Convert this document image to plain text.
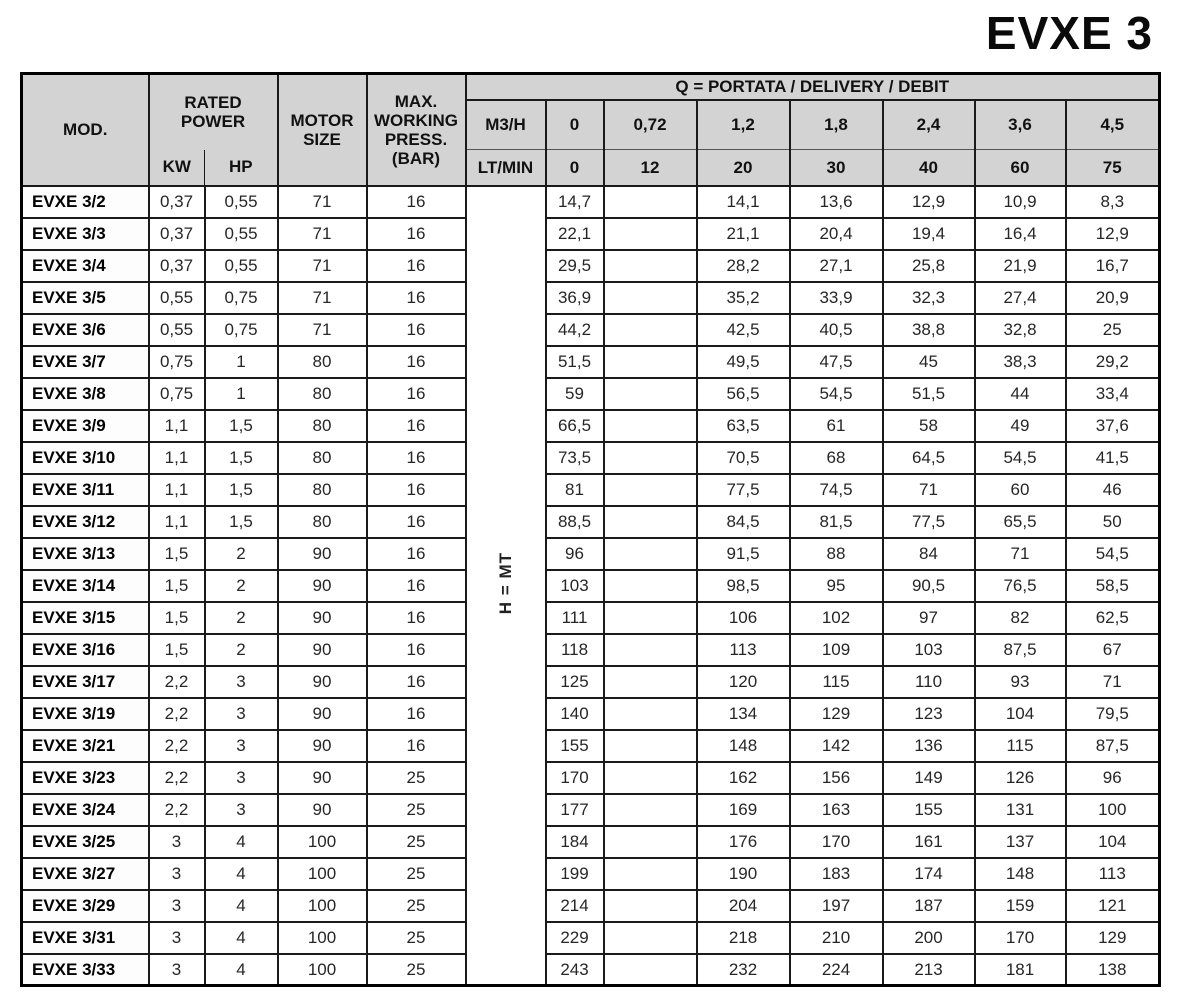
EVXE 3
MOD.	RATED POWER		MOTOR SIZE	MAX. WORKING PRESS. (BAR)	Q = PORTATA / DELIVERY / DEBIT							
					M3/H	0	0,72	1,2	1,8	2,4	3,6	4,5
	KW	HP			LT/MIN	0	12	20	30	40	60	75
EVXE 3/2	0,37	0,55	71	16	H = MT	14,7		14,1	13,6	12,9	10,9	8,3
EVXE 3/3	0,37	0,55	71	16		22,1		21,1	20,4	19,4	16,4	12,9
EVXE 3/4	0,37	0,55	71	16		29,5		28,2	27,1	25,8	21,9	16,7
EVXE 3/5	0,55	0,75	71	16		36,9		35,2	33,9	32,3	27,4	20,9
EVXE 3/6	0,55	0,75	71	16		44,2		42,5	40,5	38,8	32,8	25
EVXE 3/7	0,75	1	80	16		51,5		49,5	47,5	45	38,3	29,2
EVXE 3/8	0,75	1	80	16		59		56,5	54,5	51,5	44	33,4
EVXE 3/9	1,1	1,5	80	16		66,5		63,5	61	58	49	37,6
EVXE 3/10	1,1	1,5	80	16		73,5		70,5	68	64,5	54,5	41,5
EVXE 3/11	1,1	1,5	80	16		81		77,5	74,5	71	60	46
EVXE 3/12	1,1	1,5	80	16		88,5		84,5	81,5	77,5	65,5	50
EVXE 3/13	1,5	2	90	16		96		91,5	88	84	71	54,5
EVXE 3/14	1,5	2	90	16		103		98,5	95	90,5	76,5	58,5
EVXE 3/15	1,5	2	90	16		111		106	102	97	82	62,5
EVXE 3/16	1,5	2	90	16		118		113	109	103	87,5	67
EVXE 3/17	2,2	3	90	16		125		120	115	110	93	71
EVXE 3/19	2,2	3	90	16		140		134	129	123	104	79,5
EVXE 3/21	2,2	3	90	16		155		148	142	136	115	87,5
EVXE 3/23	2,2	3	90	25		170		162	156	149	126	96
EVXE 3/24	2,2	3	90	25		177		169	163	155	131	100
EVXE 3/25	3	4	100	25		184		176	170	161	137	104
EVXE 3/27	3	4	100	25		199		190	183	174	148	113
EVXE 3/29	3	4	100	25		214		204	197	187	159	121
EVXE 3/31	3	4	100	25		229		218	210	200	170	129
EVXE 3/33	3	4	100	25		243		232	224	213	181	138
